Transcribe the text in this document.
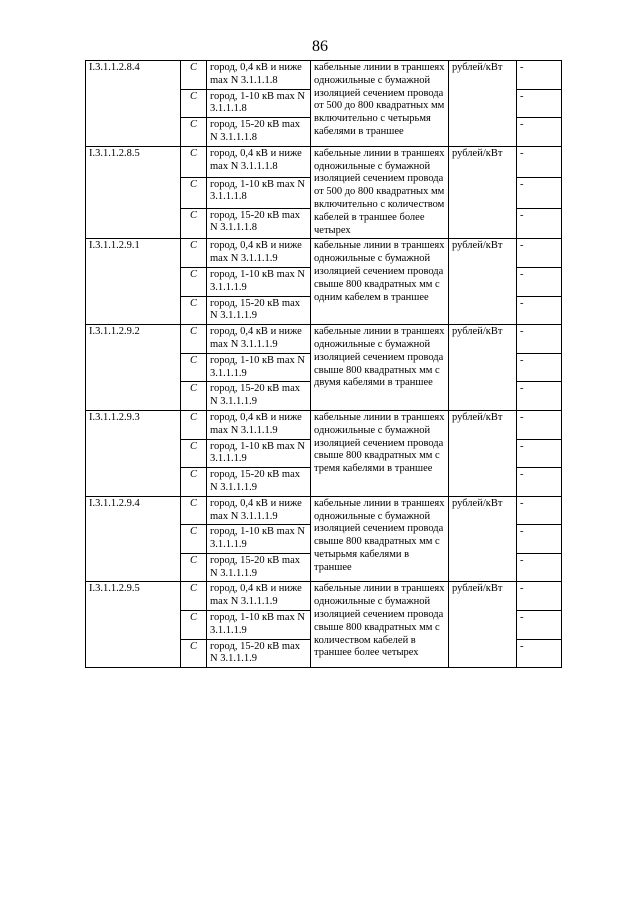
86
I.3.1.1.2.8.4	С	город, 0,4 кВ и ниже max N 3.1.1.1.8	кабельные линии в траншеях одножильные с бумажной изоляцией сечением провода от 500 до 800 квадратных мм включительно с четырьмя кабелями в траншее	рублей/кВт	-
	С	город, 1-10 кВ max N 3.1.1.1.8			-
	С	город, 15-20 кВ max N 3.1.1.1.8			-
I.3.1.1.2.8.5	С	город, 0,4 кВ и ниже max N 3.1.1.1.8	кабельные линии в траншеях одножильные с бумажной изоляцией сечением провода от 500 до 800 квадратных мм включительно с количеством кабелей в траншее более четырех	рублей/кВт	-
	С	город, 1-10 кВ max N 3.1.1.1.8			-
	С	город, 15-20 кВ max N 3.1.1.1.8			-
I.3.1.1.2.9.1	С	город, 0,4 кВ и ниже max N 3.1.1.1.9	кабельные линии в траншеях одножильные с бумажной изоляцией сечением провода свыше 800 квадратных мм с одним кабелем в траншее	рублей/кВт	-
	С	город, 1-10 кВ max N 3.1.1.1.9			-
	С	город, 15-20 кВ max N 3.1.1.1.9			-
I.3.1.1.2.9.2	С	город, 0,4 кВ и ниже max N 3.1.1.1.9	кабельные линии в траншеях одножильные с бумажной изоляцией сечением провода свыше 800 квадратных мм с двумя кабелями в траншее	рублей/кВт	-
	С	город, 1-10 кВ max N 3.1.1.1.9			-
	С	город, 15-20 кВ max N 3.1.1.1.9			-
I.3.1.1.2.9.3	С	город, 0,4 кВ и ниже max N 3.1.1.1.9	кабельные линии в траншеях одножильные с бумажной изоляцией сечением провода свыше 800 квадратных мм с тремя кабелями в траншее	рублей/кВт	-
	С	город, 1-10 кВ max N 3.1.1.1.9			-
	С	город, 15-20 кВ max N 3.1.1.1.9			-
I.3.1.1.2.9.4	С	город, 0,4 кВ и ниже max N 3.1.1.1.9	кабельные линии в траншеях одножильные с бумажной изоляцией сечением провода свыше 800 квадратных мм с четырьмя кабелями в траншее	рублей/кВт	-
	С	город, 1-10 кВ max N 3.1.1.1.9			-
	С	город, 15-20 кВ max N 3.1.1.1.9			-
I.3.1.1.2.9.5	С	город, 0,4 кВ и ниже max N 3.1.1.1.9	кабельные линии в траншеях одножильные с бумажной изоляцией сечением провода свыше 800 квадратных мм с количеством кабелей в траншее более четырех	рублей/кВт	-
	С	город, 1-10 кВ max N 3.1.1.1.9			-
	С	город, 15-20 кВ max N 3.1.1.1.9			-
